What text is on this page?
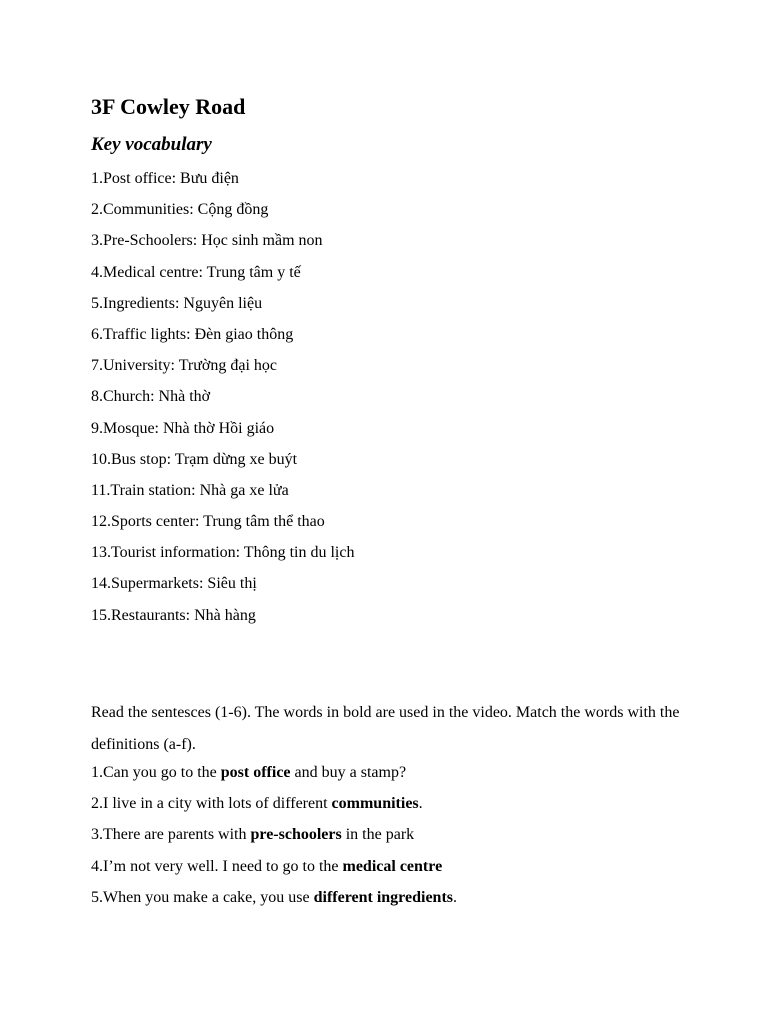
3F Cowley Road
Key vocabulary
1.Post office: Bưu điện
2.Communities: Cộng đồng
3.Pre-Schoolers: Học sinh mầm non
4.Medical centre: Trung tâm y tế
5.Ingredients: Nguyên liệu
6.Traffic lights: Đèn giao thông
7.University: Trường đại học
8.Church: Nhà thờ
9.Mosque: Nhà thờ Hồi giáo
10.Bus stop: Trạm dừng xe buýt
11.Train station: Nhà ga xe lửa
12.Sports center: Trung tâm thể thao
13.Tourist information: Thông tin du lịch
14.Supermarkets: Siêu thị
15.Restaurants: Nhà hàng
Read the sentesces (1-6). The words in bold are used in the video. Match the words with the definitions (a-f).
1.Can you go to the post office and buy a stamp?
2.I live in a city with lots of different communities.
3.There are parents with pre-schoolers in the park
4.I’m not very well. I need to go to the medical centre
5.When you make a cake, you use different ingredients.
